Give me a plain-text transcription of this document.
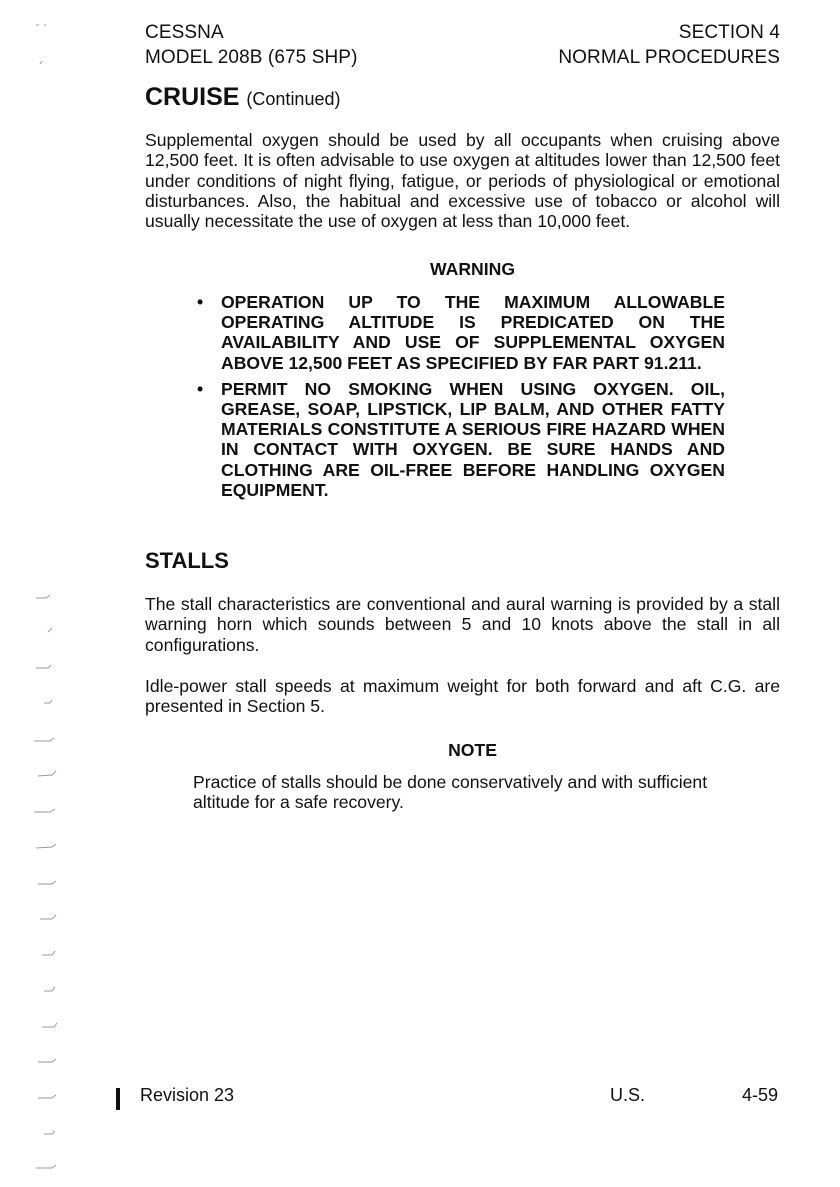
CESSNA
MODEL 208B (675 SHP)
SECTION 4
NORMAL PROCEDURES
CRUISE (Continued)
Supplemental oxygen should be used by all occupants when cruising above 12,500 feet. It is often advisable to use oxygen at altitudes lower than 12,500 feet under conditions of night flying, fatigue, or periods of physiological or emotional disturbances. Also, the habitual and excessive use of tobacco or alcohol will usually necessitate the use of oxygen at less than 10,000 feet.
WARNING
• OPERATION UP TO THE MAXIMUM ALLOWABLE OPERATING ALTITUDE IS PREDICATED ON THE AVAILABILITY AND USE OF SUPPLEMENTAL OXYGEN ABOVE 12,500 FEET AS SPECIFIED BY FAR PART 91.211.
• PERMIT NO SMOKING WHEN USING OXYGEN. OIL, GREASE, SOAP, LIPSTICK, LIP BALM, AND OTHER FATTY MATERIALS CONSTITUTE A SERIOUS FIRE HAZARD WHEN IN CONTACT WITH OXYGEN. BE SURE HANDS AND CLOTHING ARE OIL-FREE BEFORE HANDLING OXYGEN EQUIPMENT.
STALLS
The stall characteristics are conventional and aural warning is provided by a stall warning horn which sounds between 5 and 10 knots above the stall in all configurations.
Idle-power stall speeds at maximum weight for both forward and aft C.G. are presented in Section 5.
NOTE
Practice of stalls should be done conservatively and with sufficient altitude for a safe recovery.
Revision 23	U.S.	4-59
